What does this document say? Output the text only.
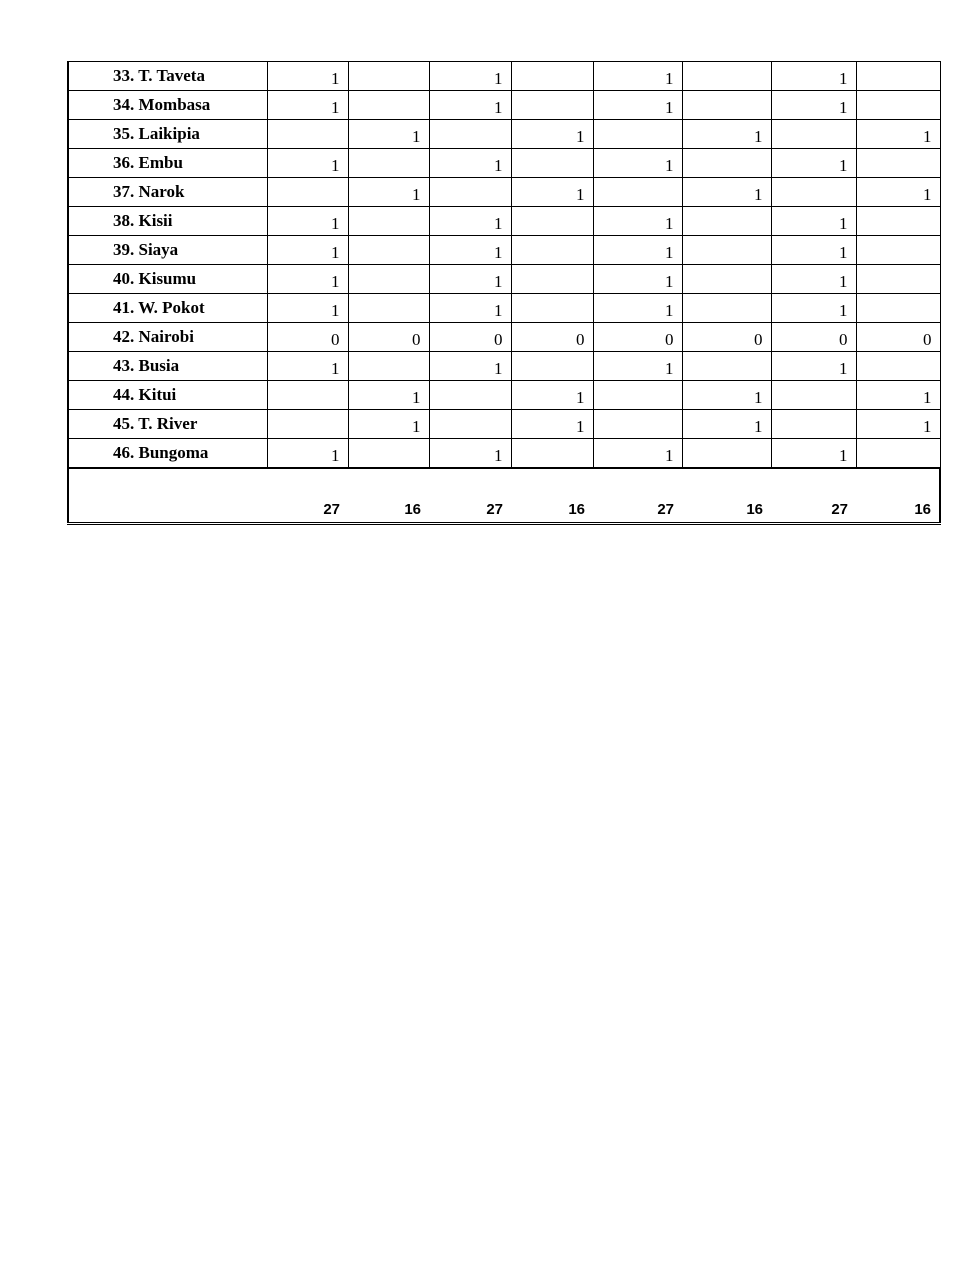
33. T. Taveta	1		1		1		1	
34. Mombasa	1		1		1		1	
35. Laikipia		1		1		1		1
36. Embu	1		1		1		1	
37. Narok		1		1		1		1
38. Kisii	1		1		1		1	
39. Siaya	1		1		1		1	
40. Kisumu	1		1		1		1	
41. W. Pokot	1		1		1		1	
42. Nairobi	0	0	0	0	0	0	0	0
43. Busia	1		1		1		1	
44. Kitui		1		1		1		1
45. T. River		1		1		1		1
46. Bungoma	1		1		1		1	
	27	16	27	16	27	16	27	16
